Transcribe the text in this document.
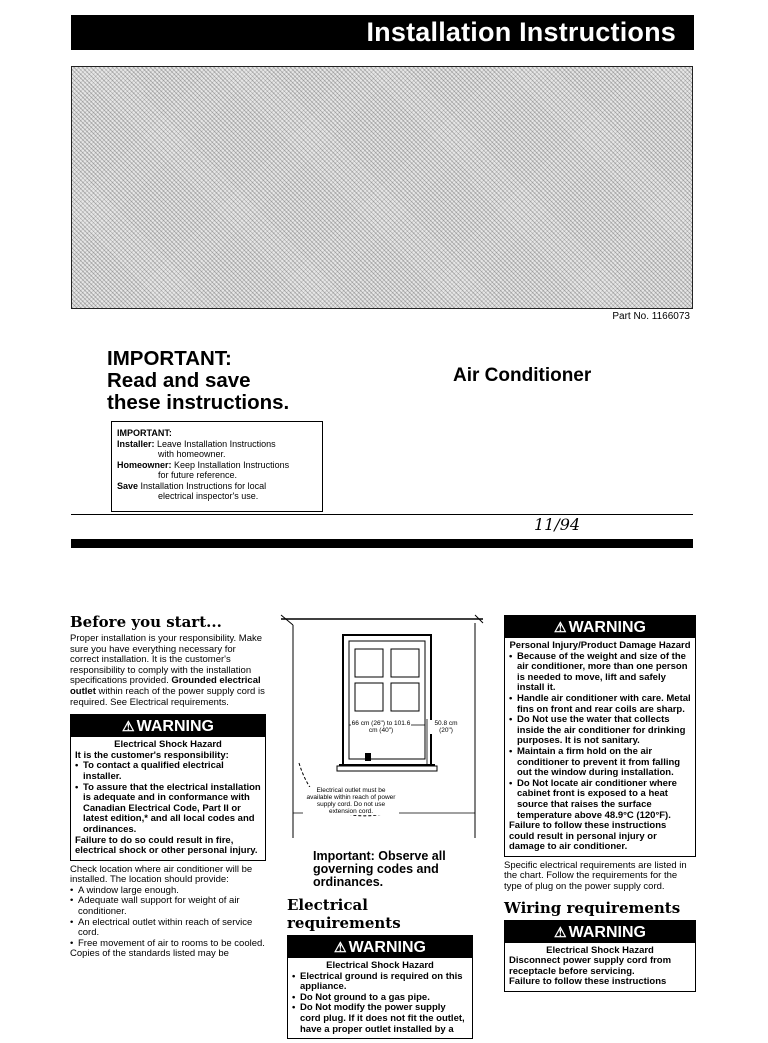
Installation Instructions
Part No. 1166073
IMPORTANT:
Read and save
these instructions.
Air Conditioner
IMPORTANT:
Installer: Leave Installation Instructions
with homeowner.
Homeowner: Keep Installation Instructions
for future reference.
Save Installation Instructions for local
electrical inspector's use.
11/94
Before you start...
Proper installation is your responsibility. Make sure you have everything necessary for correct installation. It is the customer's responsibility to comply with the installation specifications provided. Grounded electrical outlet within reach of the power supply cord is required. See Electrical requirements.
⚠ WARNING
Electrical Shock Hazard
It is the customer's responsibility:
• To contact a qualified electrical installer.
• To assure that the electrical installation is adequate and in conformance with Canadian Electrical Code, Part II or latest edition,* and all local codes and ordinances.
Failure to do so could result in fire, electrical shock or other personal injury.
Check location where air conditioner will be installed. The location should provide:
• A window large enough.
• Adequate wall support for weight of air conditioner.
• An electrical outlet within reach of service cord.
• Free movement of air to rooms to be cooled.
Copies of the standards listed may be
66 cm (26") to 101.6 cm (40")
50.8 cm (20")
Electrical outlet must be available within reach of power supply cord. Do not use extension cord.
Important: Observe all governing codes and ordinances.
Electrical requirements
⚠ WARNING
Electrical Shock Hazard
• Electrical ground is required on this appliance.
• Do Not ground to a gas pipe.
• Do Not modify the power supply cord plug. If it does not fit the outlet, have a proper outlet installed by a
⚠ WARNING
Personal Injury/Product Damage Hazard
• Because of the weight and size of the air conditioner, more than one person is needed to move, lift and safely install it.
• Handle air conditioner with care. Metal fins on front and rear coils are sharp.
• Do Not use the water that collects inside the air conditioner for drinking purposes. It is not sanitary.
• Maintain a firm hold on the air conditioner to prevent it from falling out the window during installation.
• Do Not locate air conditioner where cabinet front is exposed to a heat source that raises the surface temperature above 48.9°C (120°F).
Failure to follow these instructions could result in personal injury or damage to air conditioner.
Specific electrical requirements are listed in the chart. Follow the requirements for the type of plug on the power supply cord.
Wiring requirements
⚠ WARNING
Electrical Shock Hazard
Disconnect power supply cord from receptacle before servicing.
Failure to follow these instructions
